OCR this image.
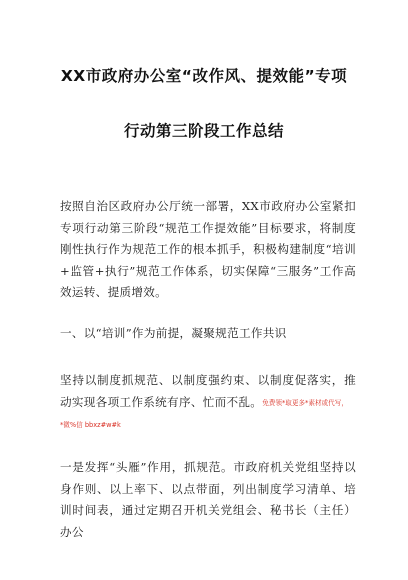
XX市政府办公室“改作风、提效能”专项
行动第三阶段工作总结
按照自治区政府办公厅统一部署，XX市政府办公室紧扣专项行动第三阶段“规范工作提效能”目标要求，将制度刚性执行作为规范工作的根本抓手，积极构建制度“培训+监管+执行”规范工作体系，切实保障“三服务”工作高效运转、提质增效。
一、以“培训”作为前提，凝聚规范工作共识
坚持以制度抓规范、以制度强约束、以制度促落实，推动实现各项工作系统有序、忙而不乱。免费领*取更多*素材或代写，
*微%信 bbxz#w#k
一是发挥“头雁”作用，抓规范。市政府机关党组坚持以身作则、以上率下、以点带面，列出制度学习清单、培训时间表，通过定期召开机关党组会、秘书长（主任）办公
